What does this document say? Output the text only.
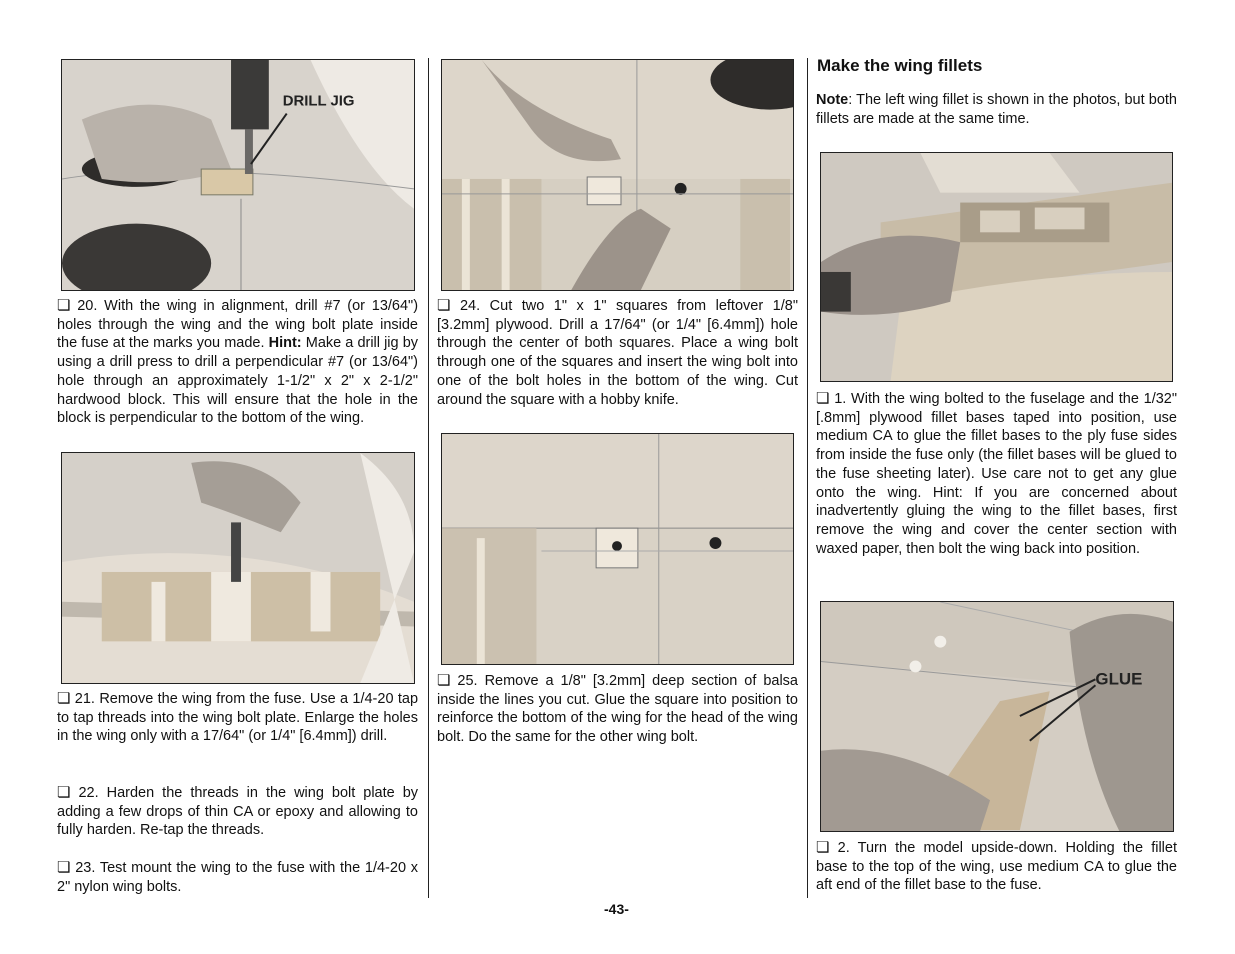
DRILL JIG

❏ 20. With the wing in alignment, drill #7 (or 13/64") holes through the wing and the wing bolt plate inside the fuse at the marks you made. Hint: Make a drill jig by using a drill press to drill a perpendicular #7 (or 13/64") hole through an approximately 1-1/2" x 2" x 2-1/2" hardwood block. This will ensure that the hole in the block is perpendicular to the bottom of the wing.

❏ 21. Remove the wing from the fuse. Use a 1/4-20 tap to tap threads into the wing bolt plate. Enlarge the holes in the wing only with a 17/64" (or 1/4" [6.4mm]) drill.

❏ 22. Harden the threads in the wing bolt plate by adding a few drops of thin CA or epoxy and allowing to fully harden. Re-tap the threads.

❏ 23. Test mount the wing to the fuse with the 1/4-20 x 2" nylon wing bolts.

❏ 24. Cut two 1" x 1" squares from leftover 1/8" [3.2mm] plywood. Drill a 17/64" (or 1/4" [6.4mm]) hole through the center of both squares. Place a wing bolt through one of the squares and insert the wing bolt into one of the bolt holes in the bottom of the wing. Cut around the square with a hobby knife.

❏ 25. Remove a 1/8" [3.2mm] deep section of balsa inside the lines you cut. Glue the square into position to reinforce the bottom of the wing for the head of the wing bolt. Do the same for the other wing bolt.

Make the wing fillets

Note: The left wing fillet is shown in the photos, but both fillets are made at the same time.

❏ 1. With the wing bolted to the fuselage and the 1/32" [.8mm] plywood fillet bases taped into position, use medium CA to glue the fillet bases to the ply fuse sides from inside the fuse only (the fillet bases will be glued to the fuse sheeting later). Use care not to get any glue onto the wing. Hint: If you are concerned about inadvertently gluing the wing to the fillet bases, first remove the wing and cover the center section with waxed paper, then bolt the wing back into position.

GLUE

❏ 2. Turn the model upside-down. Holding the fillet base to the top of the wing, use medium CA to glue the aft end of the fillet base to the fuse.

-43-
